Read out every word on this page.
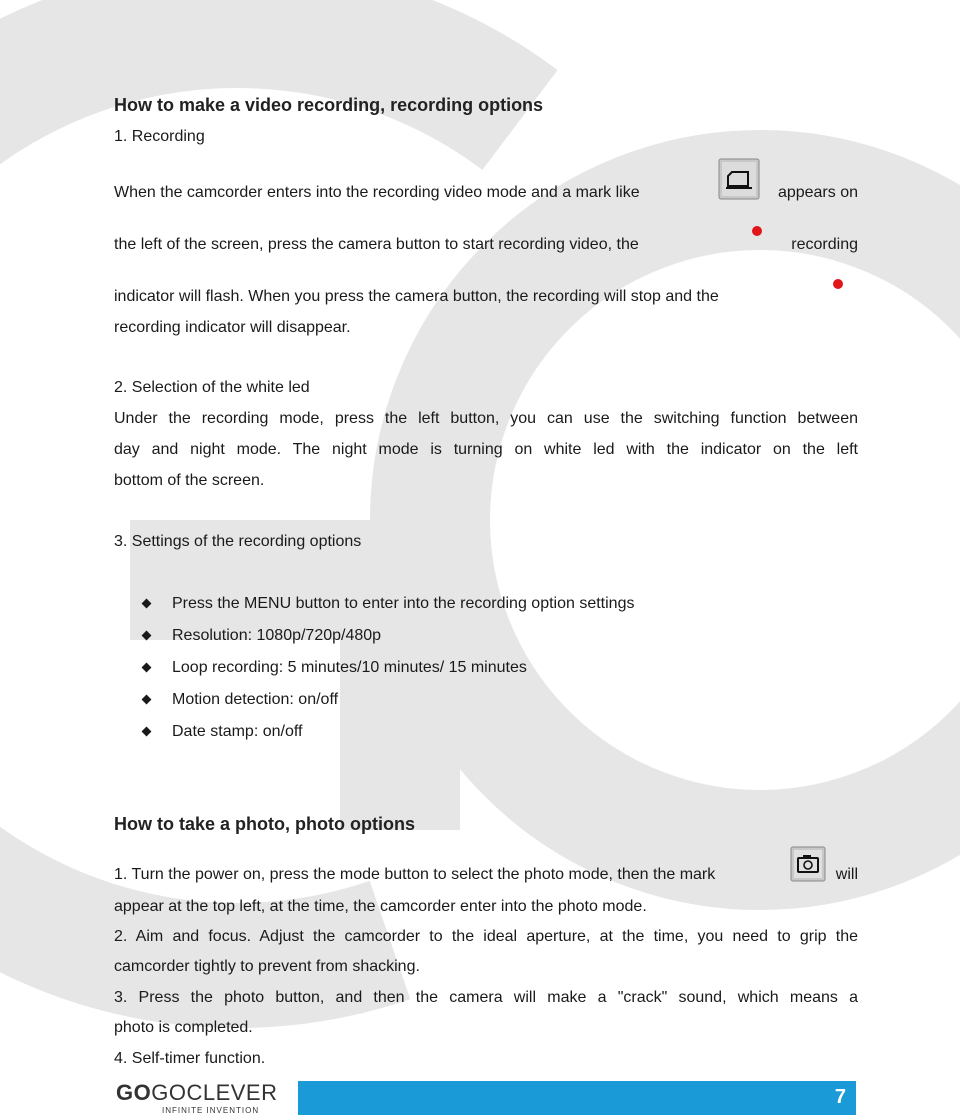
How to make a video recording, recording options
1. Recording
When the camcorder enters into the recording video mode and a mark like	appears on
the left of the screen, press the camera button to start recording video, the	recording
indicator will flash. When you press the camera button, the recording will stop and the
recording indicator will disappear.
2. Selection of the white led
Under the recording mode, press the left button, you can use the switching function between
day and night mode. The night mode is turning on white led with the indicator on the left
bottom of the screen.
3. Settings of the recording options
Press the MENU button to enter into the recording option settings
Resolution: 1080p/720p/480p
Loop recording: 5 minutes/10 minutes/ 15 minutes
Motion detection: on/off
Date stamp: on/off
How to take a photo, photo options
1. Turn the power on, press the mode button to select the photo mode, then the mark	will
appear at the top left, at the time, the camcorder enter into the photo mode.
2. Aim and focus. Adjust the camcorder to the ideal aperture, at the time, you need to grip the
camcorder tightly to prevent from shacking.
3. Press the photo button, and then the camera will make a "crack" sound, which means a
photo is completed.
4. Self-timer function.
GOGOCLEVER
INFINITE INVENTION
7
